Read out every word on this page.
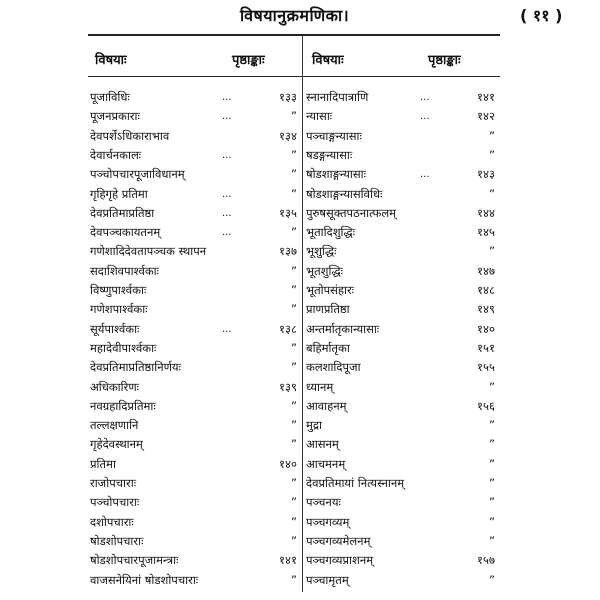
विषयानुक्रमणिका।	( ११ )
विषयाः	पृष्ठाङ्काः	विषयाः	पृष्ठाङ्काः
पूजाविधिः	...	१३३ स्नानादिपात्राणि	...	१४१
पूजनप्रकाराः	...	” न्यासाः	...	१४२
देवपर्शेऽधिकाराभाव	१३४ पञ्चाङ्गन्यासाः	”
देवार्चनकालः	...	” षडङ्गन्यासाः	”
पञ्चोपचारपूजाविधानम्	” षोडशाङ्गन्यासाः	...	१४३
गृहिगृहे प्रतिमा	...	” षोडशाङ्गन्यासविधिः	”
देवप्रतिमाप्रतिष्ठा	...	१३५ पुरुषसूक्तपठनात्फलम्	१४४
देवपञ्चकायतनम्	...	” भूतादिशुद्धिः	१४५
गणेशादिदेवतापञ्चक स्थापन	१३७ भूशुद्धिः	”
सदाशिवपार्श्वकाः	” भूतशुद्धिः	१४७
विष्णुपार्श्वकाः	” भूतोपसंहारः	१४८
गणेशपार्श्वकाः	” प्राणप्रतिष्ठा	१४९
सूर्यपार्श्वकाः	...	१३८ अन्तर्मातृकान्यासाः	१४०
महादेवीपार्श्वकाः	” बहिर्मातृका	१५१
देवप्रतिमाप्रतिष्ठानिर्णयः	” कलशादिपूजा	१५५
अधिकारिणः	१३९ ध्यानम्	”
नवग्रहादिप्रतिमाः	” आवाहनम्	१५६
तल्लक्षणानि	” मुद्रा	”
गृहेदेवस्थानम्	” आसनम्	”
प्रतिमा	१४० आचमनम्	”
राजोपचाराः	” देवप्रतिमायां नित्यस्नानम्	”
पञ्चोपचाराः	” पञ्चनयः	”
दशोपचाराः	” पञ्चगव्यम्	”
षोडशोपचाराः	” पञ्चगव्यमेलनम्	”
षोडशोपचारपूजामन्त्राः	१४१ पञ्चगव्यप्राशनम्	१५७
वाजसनेयिनां षोडशोपचाराः	” पञ्चामृतम्	”
